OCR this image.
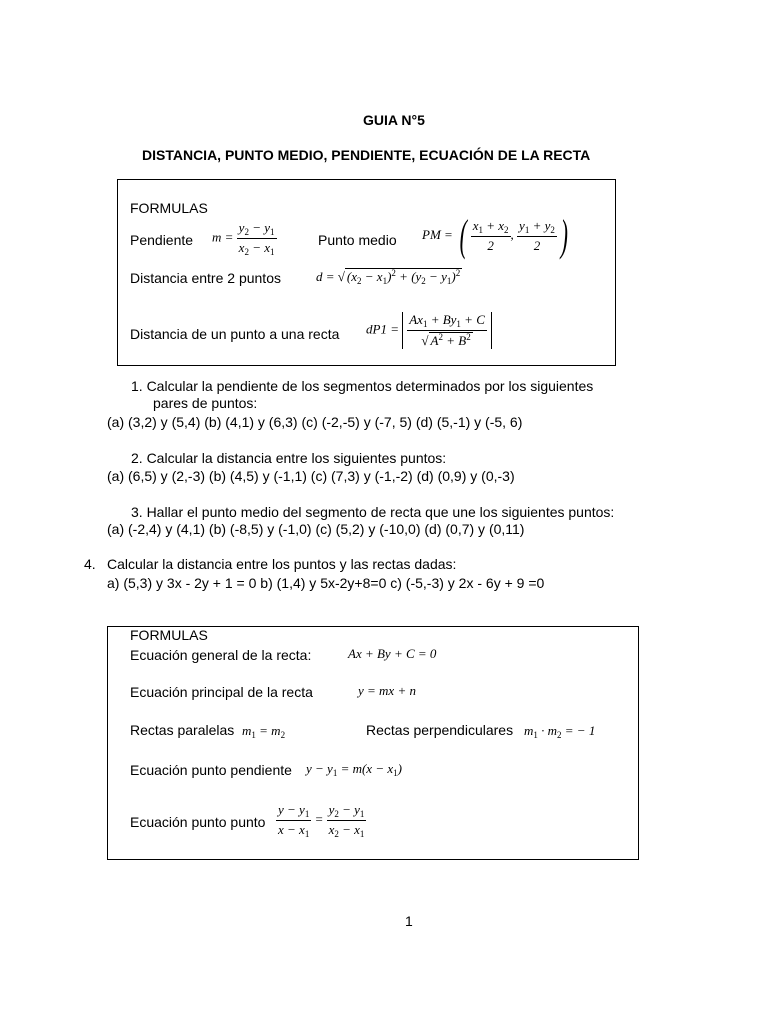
GUIA N°5
DISTANCIA, PUNTO MEDIO, PENDIENTE, ECUACIÓN DE LA RECTA
FORMULAS
Pendiente $m = \frac{y_2 - y_1}{x_2 - x_1}$	Punto medio PM = ( $\frac{x_1 + x_2}{2}$ , $\frac{y_1 + y_2}{2}$ )
Distancia entre 2 puntos	d = √ $(x_2 - x_1)^2 + (y_2 - y_1)^2$
Distancia de un punto a una recta $dP1 = \frac{Ax_1 + By_1 + C}{√ A^2 + B^2}$
1. Calcular la pendiente de los segmentos determinados por los siguientes
pares de puntos:
(a) (3,2) y (5,4) (b) (4,1) y (6,3) (c) (-2,-5) y (-7, 5) (d) (5,-1) y (-5, 6)
2. Calcular la distancia entre los siguientes puntos:
(a) (6,5) y (2,-3) (b) (4,5) y (-1,1) (c) (7,3) y (-1,-2) (d) (0,9) y (0,-3)
3. Hallar el punto medio del segmento de recta que une los siguientes puntos:
(a) (-2,4) y (4,1) (b) (-8,5) y (-1,0) (c) (5,2) y (-10,0) (d) (0,7) y (0,11)
4. Calcular la distancia entre los puntos y las rectas dadas:
a) (5,3) y 3x - 2y + 1 = 0 b) (1,4) y 5x-2y+8=0 c) (-5,-3) y 2x - 6y + 9 =0
FORMULAS
Ecuación general de la recta:	Ax + By + C = 0
Ecuación principal de la recta	y = mx + n
Rectas paralelas $m_1 = m_2$	Rectas perpendiculares $m_1 \cdot m_2$ = − 1
Ecuación punto pendiente $y - y_1 = m(x - x_1)$
Ecuación punto punto $\frac{y - y_1}{x - x_1} = \frac{y_2 - y_1}{x_2 - x_1}$
1
